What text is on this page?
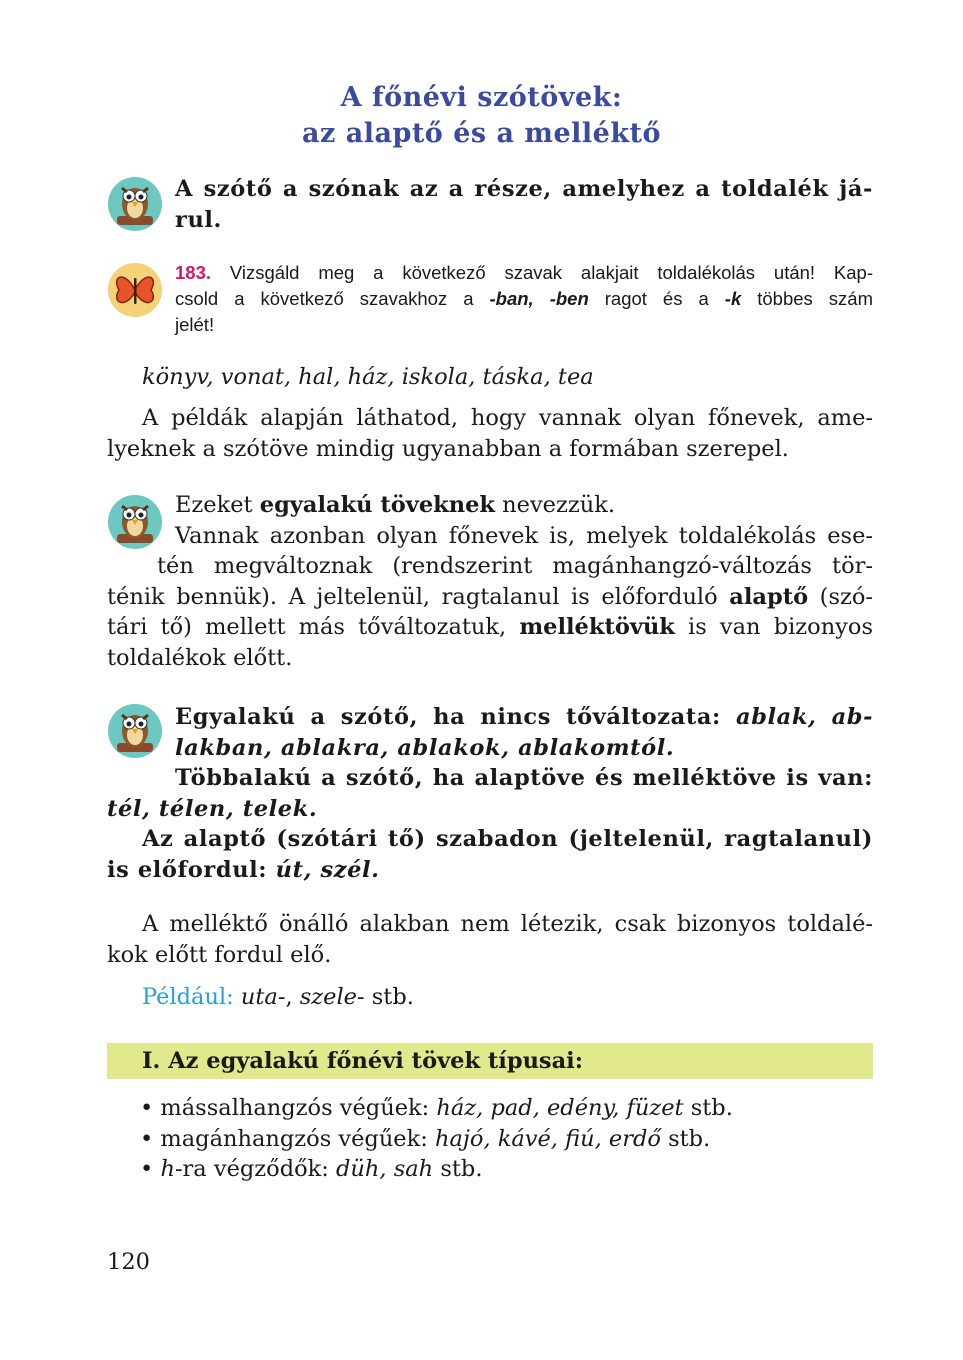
A főnévi szótövek:
az alaptő és a melléktő
A szótő a szónak az a része, amelyhez a toldalék já-
rul.
183. Vizsgáld meg a következő szavak alakjait toldalékolás után! Kap-
csold a következő szavakhoz a -ban, -ben ragot és a -k többes szám
jelét!
könyv, vonat, hal, ház, iskola, táska, tea
A példák alapján láthatod, hogy vannak olyan főnevek, ame-
lyeknek a szótöve mindig ugyanabban a formában szerepel.
Ezeket egyalakú töveknek nevezzük.
Vannak azonban olyan főnevek is, melyek toldalékolás ese-
tén megváltoznak (rendszerint magánhangzó-változás tör-
ténik bennük). A jeltelenül, ragtalanul is előforduló alaptő (szó-
tári tő) mellett más tőváltozatuk, melléktövük is van bizonyos
toldalékok előtt.
Egyalakú a szótő, ha nincs tőváltozata: ablak, ab-
lakban, ablakra, ablakok, ablakomtól.
Többalakú a szótő, ha alaptöve és melléktöve is van:
tél, télen, telek.
Az alaptő (szótári tő) szabadon (jeltelenül, ragtalanul)
is előfordul: út, szél.
A melléktő önálló alakban nem létezik, csak bizonyos toldalé-
kok előtt fordul elő.
Például: uta-, szele- stb.
I. Az egyalakú főnévi tövek típusai:
• mássalhangzós végűek: ház, pad, edény, füzet stb.
• magánhangzós végűek: hajó, kávé, fiú, erdő stb.
• h-ra végződők: düh, sah stb.
120
